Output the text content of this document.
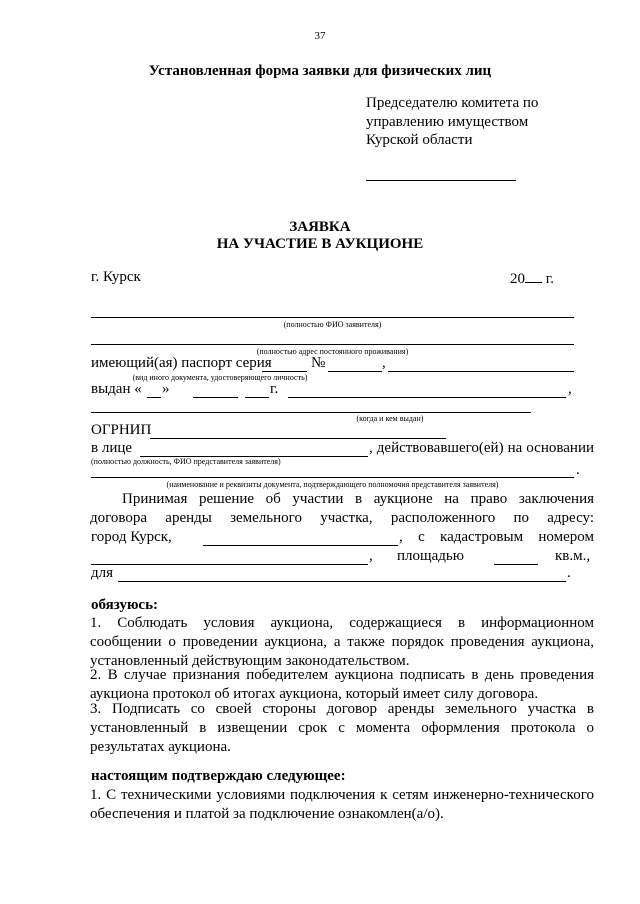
37
Установленная форма заявки для физических лиц
Председателю комитета по
управлению имуществом
Курской области
ЗАЯВКА
НА УЧАСТИЕ В АУКЦИОНЕ
г. Курск	20 г.
(полностью ФИО заявителя)
(полностью адрес постоянного проживания)
имеющий(ая) паспорт серия	№	,
(вид иного документа, удостоверяющего личность)
выдан « »	г.	,
(когда и кем выдан)
ОГРНИП
в лице	, действовавшего(ей) на основании
(полностью должность, ФИО представителя заявителя)
.
(наименование и реквизиты документа, подтверждающего полномочия представителя заявителя)
Принимая решение об участии в аукционе на право заключения
договора аренды земельного участка, расположенного по адресу:
город Курск,	, с кадастровым номером
, площадью	кв.м.,
для	.
обязуюсь:
1. Соблюдать условия аукциона, содержащиеся в информационном сообщении о проведении аукциона, а также порядок проведения аукциона, установленный действующим законодательством.
2. В случае признания победителем аукциона подписать в день проведения аукциона протокол об итогах аукциона, который имеет силу договора.
3. Подписать со своей стороны договор аренды земельного участка в установленный в извещении срок с момента оформления протокола о результатах аукциона.
настоящим подтверждаю следующее:
1. С техническими условиями подключения к сетям инженерно-технического обеспечения и платой за подключение ознакомлен(а/о).
